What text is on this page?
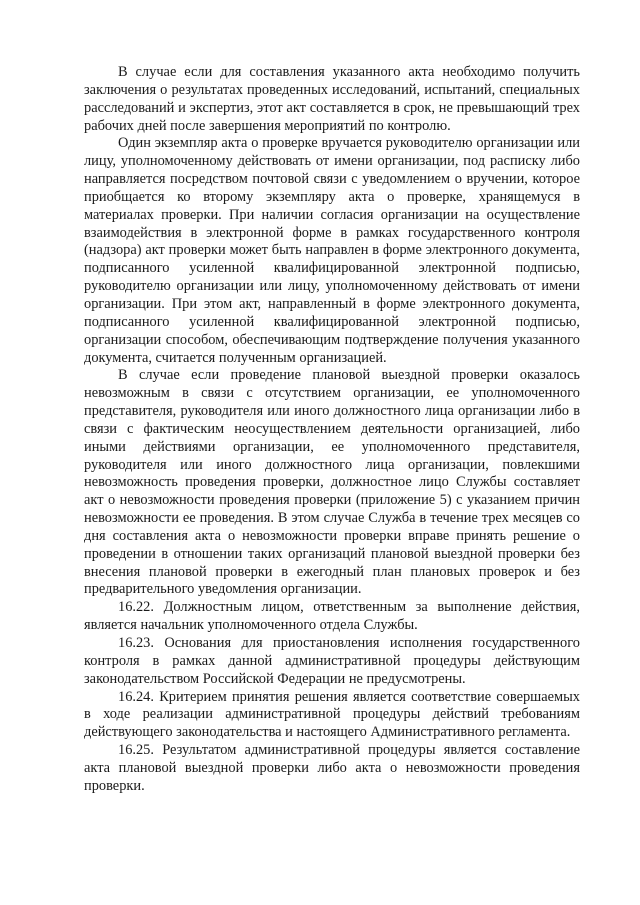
В случае если для составления указанного акта необходимо получить заключения о результатах проведенных исследований, испытаний, специальных расследований и экспертиз, этот акт составляется в срок, не превышающий трех рабочих дней после завершения мероприятий по контролю.

Один экземпляр акта о проверке вручается руководителю организации или лицу, уполномоченному действовать от имени организации, под расписку либо направляется посредством почтовой связи с уведомлением о вручении, которое приобщается ко второму экземпляру акта о проверке, хранящемуся в материалах проверки. При наличии согласия организации на осуществление взаимодействия в электронной форме в рамках государственного контроля (надзора) акт проверки может быть направлен в форме электронного документа, подписанного усиленной квалифицированной электронной подписью, руководителю организации или лицу, уполномоченному действовать от имени организации. При этом акт, направленный в форме электронного документа, подписанного усиленной квалифицированной электронной подписью, организации способом, обеспечивающим подтверждение получения указанного документа, считается полученным организацией.

В случае если проведение плановой выездной проверки оказалось невозможным в связи с отсутствием организации, ее уполномоченного представителя, руководителя или иного должностного лица организации либо в связи с фактическим неосуществлением деятельности организацией, либо иными действиями организации, ее уполномоченного представителя, руководителя или иного должностного лица организации, повлекшими невозможность проведения проверки, должностное лицо Службы составляет акт о невозможности проведения проверки (приложение 5) с указанием причин невозможности ее проведения. В этом случае Служба в течение трех месяцев со дня составления акта о невозможности проверки вправе принять решение о проведении в отношении таких организаций плановой выездной проверки без внесения плановой проверки в ежегодный план плановых проверок и без предварительного уведомления организации.

16.22. Должностным лицом, ответственным за выполнение действия, является начальник уполномоченного отдела Службы.

16.23. Основания для приостановления исполнения государственного контроля в рамках данной административной процедуры действующим законодательством Российской Федерации не предусмотрены.

16.24. Критерием принятия решения является соответствие совершаемых в ходе реализации административной процедуры действий требованиям действующего законодательства и настоящего Административного регламента.

16.25. Результатом административной процедуры является составление акта плановой выездной проверки либо акта о невозможности проведения проверки.
